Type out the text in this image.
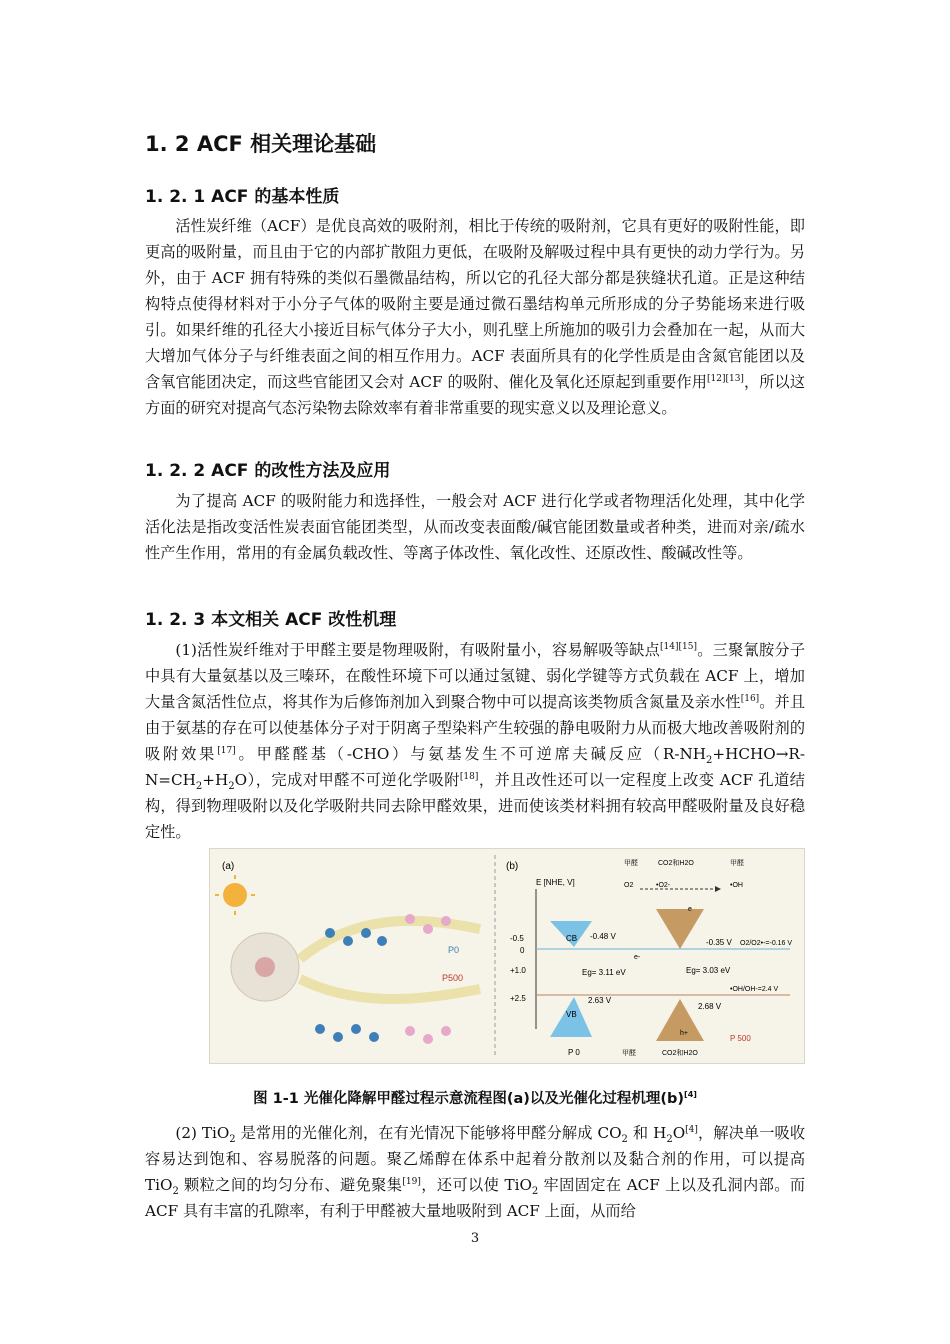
1. 2 ACF 相关理论基础
1. 2. 1 ACF 的基本性质

活性炭纤维（ACF）是优良高效的吸附剂，相比于传统的吸附剂，它具有更好的吸附性能，即更高的吸附量，而且由于它的内部扩散阻力更低，在吸附及解吸过程中具有更快的动力学行为。另外，由于 ACF 拥有特殊的类似石墨微晶结构，所以它的孔径大部分都是狭缝状孔道。正是这种结构特点使得材料对于小分子气体的吸附主要是通过微石墨结构单元所形成的分子势能场来进行吸引。如果纤维的孔径大小接近目标气体分子大小，则孔壁上所施加的吸引力会叠加在一起，从而大大增加气体分子与纤维表面之间的相互作用力。ACF 表面所具有的化学性质是由含氮官能团以及含氧官能团决定，而这些官能团又会对 ACF 的吸附、催化及氧化还原起到重要作用[12][13]，所以这方面的研究对提高气态污染物去除效率有着非常重要的现实意义以及理论意义。

1. 2. 2 ACF 的改性方法及应用

为了提高 ACF 的吸附能力和选择性，一般会对 ACF 进行化学或者物理活化处理，其中化学活化法是指改变活性炭表面官能团类型，从而改变表面酸/碱官能团数量或者种类，进而对亲/疏水性产生作用，常用的有金属负载改性、等离子体改性、氧化改性、还原改性、酸碱改性等。

1. 2. 3 本文相关 ACF 改性机理

(1)活性炭纤维对于甲醛主要是物理吸附，有吸附量小，容易解吸等缺点[14][15]。三聚氰胺分子中具有大量氨基以及三嗪环，在酸性环境下可以通过氢键、弱化学键等方式负载在 ACF 上，增加大量含氮活性位点，将其作为后修饰剂加入到聚合物中可以提高该类物质含氮量及亲水性[16]。并且由于氨基的存在可以使基体分子对于阴离子型染料产生较强的静电吸附力从而极大地改善吸附剂的吸附效果[17]。甲醛醛基（-CHO）与氨基发生不可逆席夫碱反应$(R-NH_2+HCHO\to R-N=CH_2+H_2O)$，完成对甲醛不可逆化学吸附[18]，并且改性还可以一定程度上改变 ACF 孔道结构，得到物理吸附以及化学吸附共同去除甲醛效果，进而使该类材料拥有较高甲醛吸附量及良好稳定性。

(a)
P0
P500
(b)
E [NHE, V]
-0.5
0
+1.0
+2.5
CB
VB
-0.48 V
Eg= 3.11 eV
2.63 V
-0.35 V O2/O2•-=-0.16 V
Eg= 3.03 eV
•OH/OH-=2.4 V
2.68 V
P 0
P 500
甲醛	CO2和H2O	甲醛
O2	•O2-	•OH
e-
h+
甲醛	CO2和H2O
e
图 1-1 光催化降解甲醛过程示意流程图(a)以及光催化过程机理(b)[4]

(2) TiO$_2$ 是常用的光催化剂，在有光情况下能够将甲醛分解成 $CO_2$ 和 $H_2O[4]$，解决单一吸收容易达到饱和、容易脱落的问题。聚乙烯醇在体系中起着分散剂以及黏合剂的作用，可以提高 TiO$_2$ 颗粒之间的均匀分布、避免聚集[19]，还可以使 TiO$_2$ 牢固固定在 ACF 上以及孔洞内部。而 ACF 具有丰富的孔隙率，有利于甲醛被大量地吸附到 ACF 上面，从而给

3
